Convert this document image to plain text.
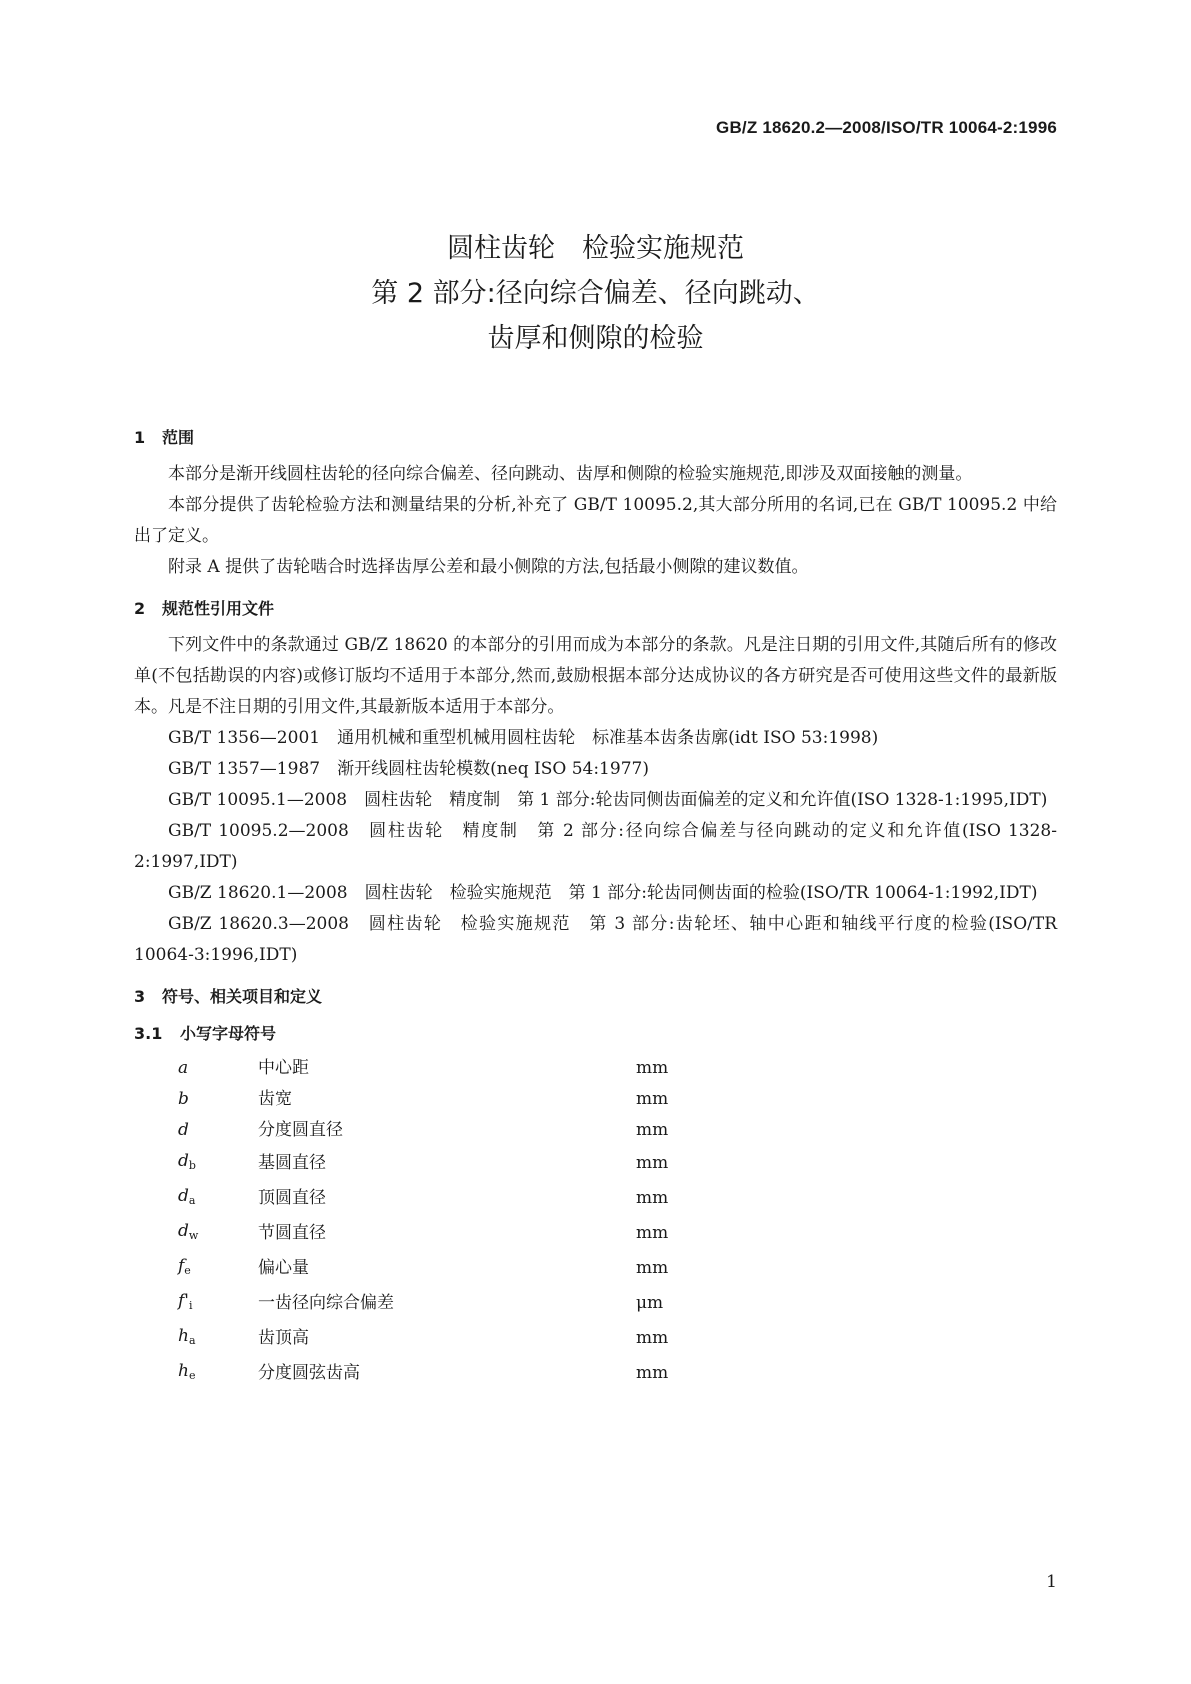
GB/Z 18620.2—2008/ISO/TR 10064-2:1996
圆柱齿轮　检验实施规范
第 2 部分:径向综合偏差、径向跳动、
齿厚和侧隙的检验
1 范围

本部分是渐开线圆柱齿轮的径向综合偏差、径向跳动、齿厚和侧隙的检验实施规范,即涉及双面接触的测量。

本部分提供了齿轮检验方法和测量结果的分析,补充了 GB/T 10095.2,其大部分所用的名词,已在 GB/T 10095.2 中给出了定义。

附录 A 提供了齿轮啮合时选择齿厚公差和最小侧隙的方法,包括最小侧隙的建议数值。

2 规范性引用文件

下列文件中的条款通过 GB/Z 18620 的本部分的引用而成为本部分的条款。凡是注日期的引用文件,其随后所有的修改单(不包括勘误的内容)或修订版均不适用于本部分,然而,鼓励根据本部分达成协议的各方研究是否可使用这些文件的最新版本。凡是不注日期的引用文件,其最新版本适用于本部分。

GB/T 1356—2001　通用机械和重型机械用圆柱齿轮　标准基本齿条齿廓(idt ISO 53:1998)

GB/T 1357—1987　渐开线圆柱齿轮模数(neq ISO 54:1977)

GB/T 10095.1—2008　圆柱齿轮　精度制　第 1 部分:轮齿同侧齿面偏差的定义和允许值(ISO 1328-1:1995,IDT)

GB/T 10095.2—2008　圆柱齿轮　精度制　第 2 部分:径向综合偏差与径向跳动的定义和允许值(ISO 1328-2:1997,IDT)

GB/Z 18620.1—2008　圆柱齿轮　检验实施规范　第 1 部分:轮齿同侧齿面的检验(ISO/TR 10064-1:1992,IDT)

GB/Z 18620.3—2008　圆柱齿轮　检验实施规范　第 3 部分:齿轮坯、轴中心距和轴线平行度的检验(ISO/TR 10064-3:1996,IDT)

3 符号、相关项目和定义
3.1 小写字母符号
a	中心距	mm
b	齿宽	mm
d	分度圆直径	mm
$d_b$	基圆直径	mm
$d_a$	顶圆直径	mm
$d_w$	节圆直径	mm
$f_e$	偏心量	mm
$f'_i$	一齿径向综合偏差	μm
$h_a$	齿顶高	mm
$h_e$	分度圆弦齿高	mm
1
